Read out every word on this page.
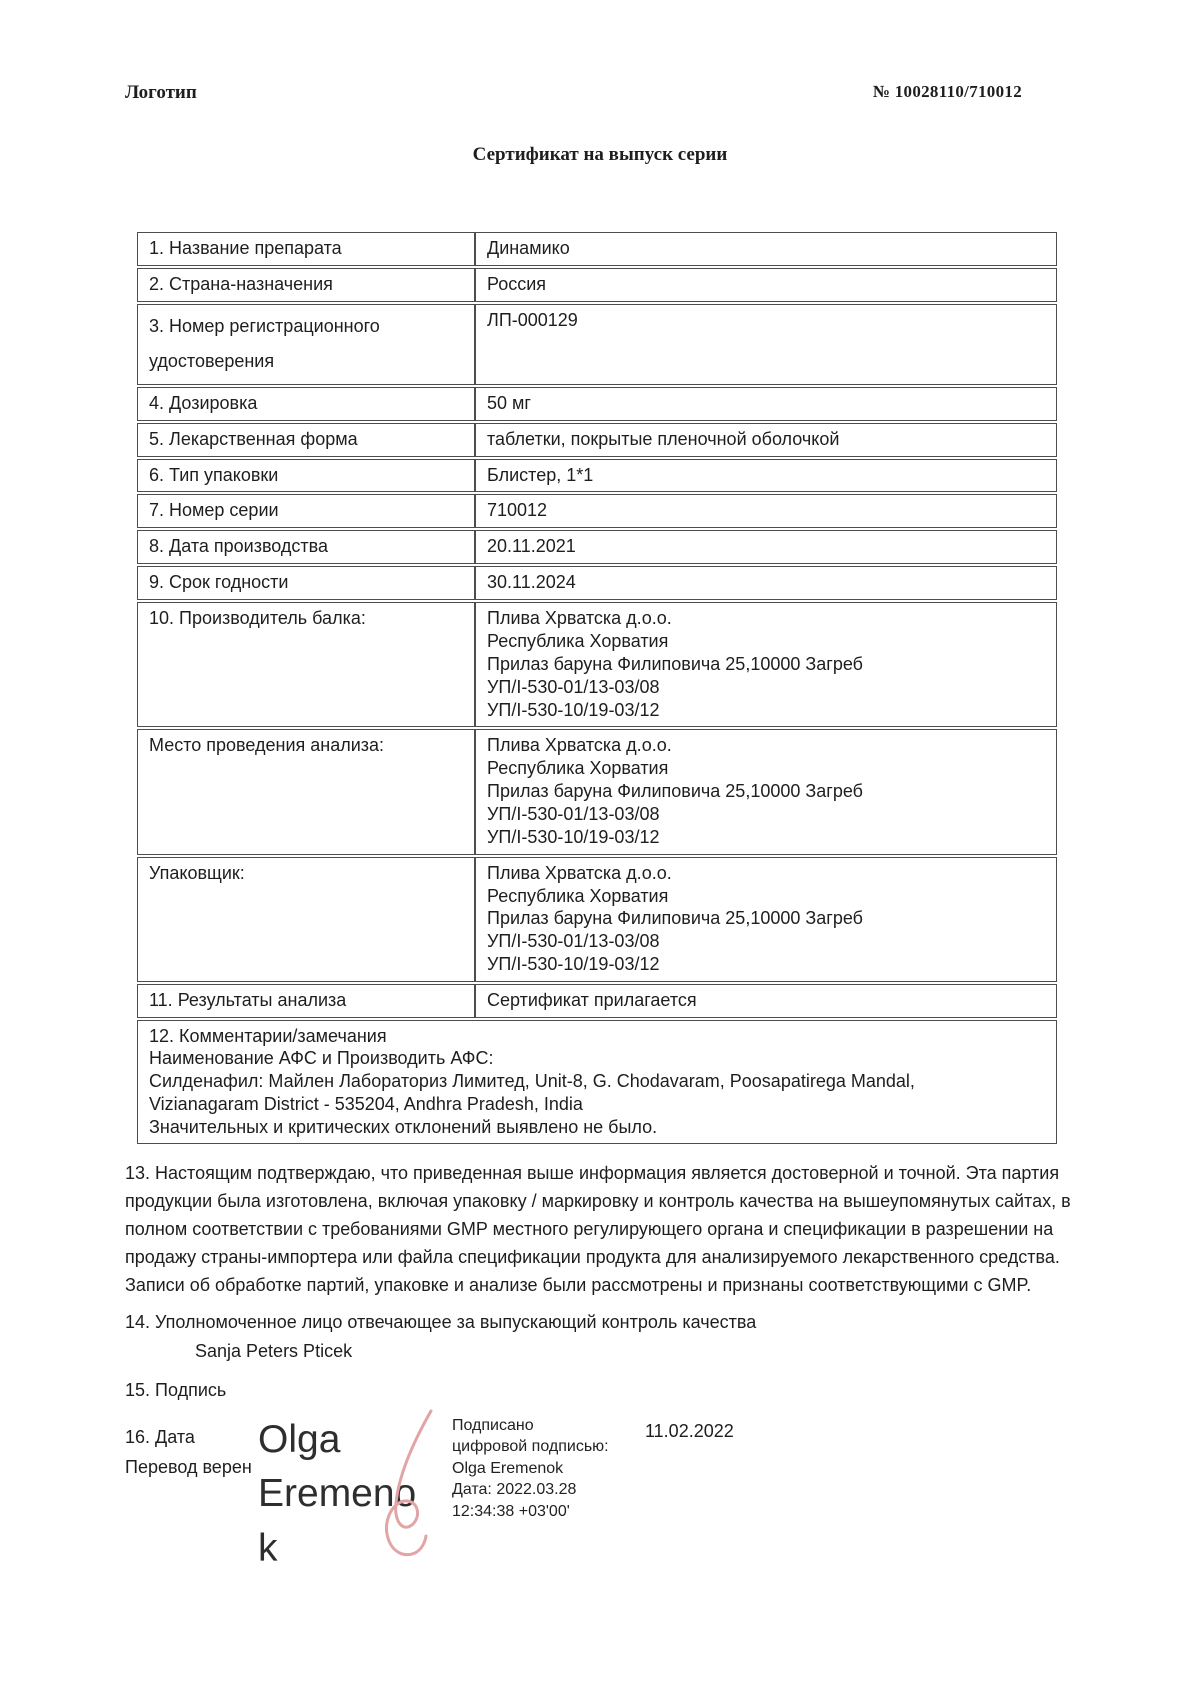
Логотип	№ 10028110/710012
Сертификат на выпуск серии
1. Название препарата	Динамико
2. Страна-назначения	Россия
3. Номер регистрационного удостоверения	ЛП-000129
4. Дозировка	50 мг
5. Лекарственная форма	таблетки, покрытые пленочной оболочкой
6. Тип упаковки	Блистер, 1*1
7. Номер серии	710012
8. Дата производства	20.11.2021
9. Срок годности	30.11.2024
10. Производитель балка:	Плива Хрватска д.о.о.
Республика Хорватия
Прилаз баруна Филиповича 25,10000 Загреб
УП/I-530-01/13-03/08
УП/I-530-10/19-03/12

Место проведения анализа:	Плива Хрватска д.о.о.
Республика Хорватия
Прилаз баруна Филиповича 25,10000 Загреб
УП/I-530-01/13-03/08
УП/I-530-10/19-03/12

Упаковщик:	Плива Хрватска д.о.о.
Республика Хорватия
Прилаз баруна Филиповича 25,10000 Загреб
УП/I-530-01/13-03/08
УП/I-530-10/19-03/12

11. Результаты анализа	Сертификат прилагается

12. Комментарии/замечания
Наименование АФС и Производить АФС:
Силденафил: Майлен Лабораториз Лимитед, Unit-8, G. Chodavaram, Poosapatirega Mandal,
Vizianagaram District - 535204, Andhra Pradesh, India
Значительных и критических отклонений выявлено не было.	
13. Настоящим подтверждаю, что приведенная выше информация является достоверной и точной. Эта партия продукции была изготовлена, включая упаковку / маркировку и контроль качества на вышеупомянутых сайтах, в полном соответствии с требованиями GMP местного регулирующего органа и спецификации в разрешении на продажу страны-импортера или файла спецификации продукта для анализируемого лекарственного средства.
Записи об обработке партий, упаковке и анализе были рассмотрены и признаны соответствующими с GMP.
14. Уполномоченное лицо отвечающее за выпускающий контроль качества
Sanja Peters Pticek
15. Подпись
16. Дата	11.02.2022
Перевод верен
Olga Eremenok
Подписано цифровой подписью: Olga Eremenok
Дата: 2022.03.28 12:34:38 +03'00'
